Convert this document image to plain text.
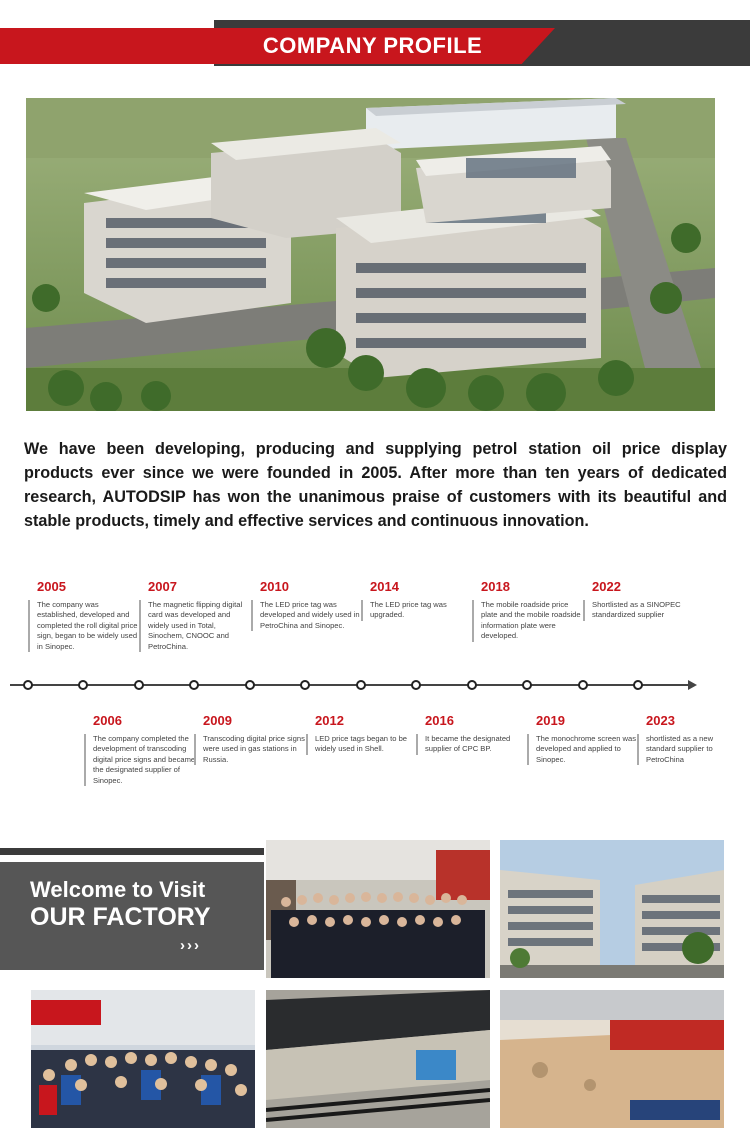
COMPANY PROFILE

We have been developing, producing and supplying petrol station oil price display products ever since we were founded in 2005. After more than ten years of dedicated research, AUTODSIP has won the unanimous praise of customers with its beautiful and stable products, timely and effective services and continuous innovation.

2005
The company was established, developed and completed the roll digital price sign, began to be widely used in Sinopec.
2007
The magnetic flipping digital card was developed and widely used in Total, Sinochem, CNOOC and PetroChina.
2010
The LED price tag was developed and widely used in PetroChina and Sinopec.
2014
The LED price tag was upgraded.
2018
The mobile roadside price plate and the mobile roadside information plate were developed.
2022
Shortlisted as a SINOPEC standardized supplier
2006
The company completed the development of transcoding digital price signs and became the designated supplier of Sinopec.
2009
Transcoding digital price signs were used in gas stations in Russia.
2012
LED price tags began to be widely used in Shell.
2016
It became the designated supplier of CPC BP.
2019
The monochrome screen was developed and applied to Sinopec.
2023
shortlisted as a new standard supplier to PetroChina
Welcome to Visit
OUR FACTORY
›››
